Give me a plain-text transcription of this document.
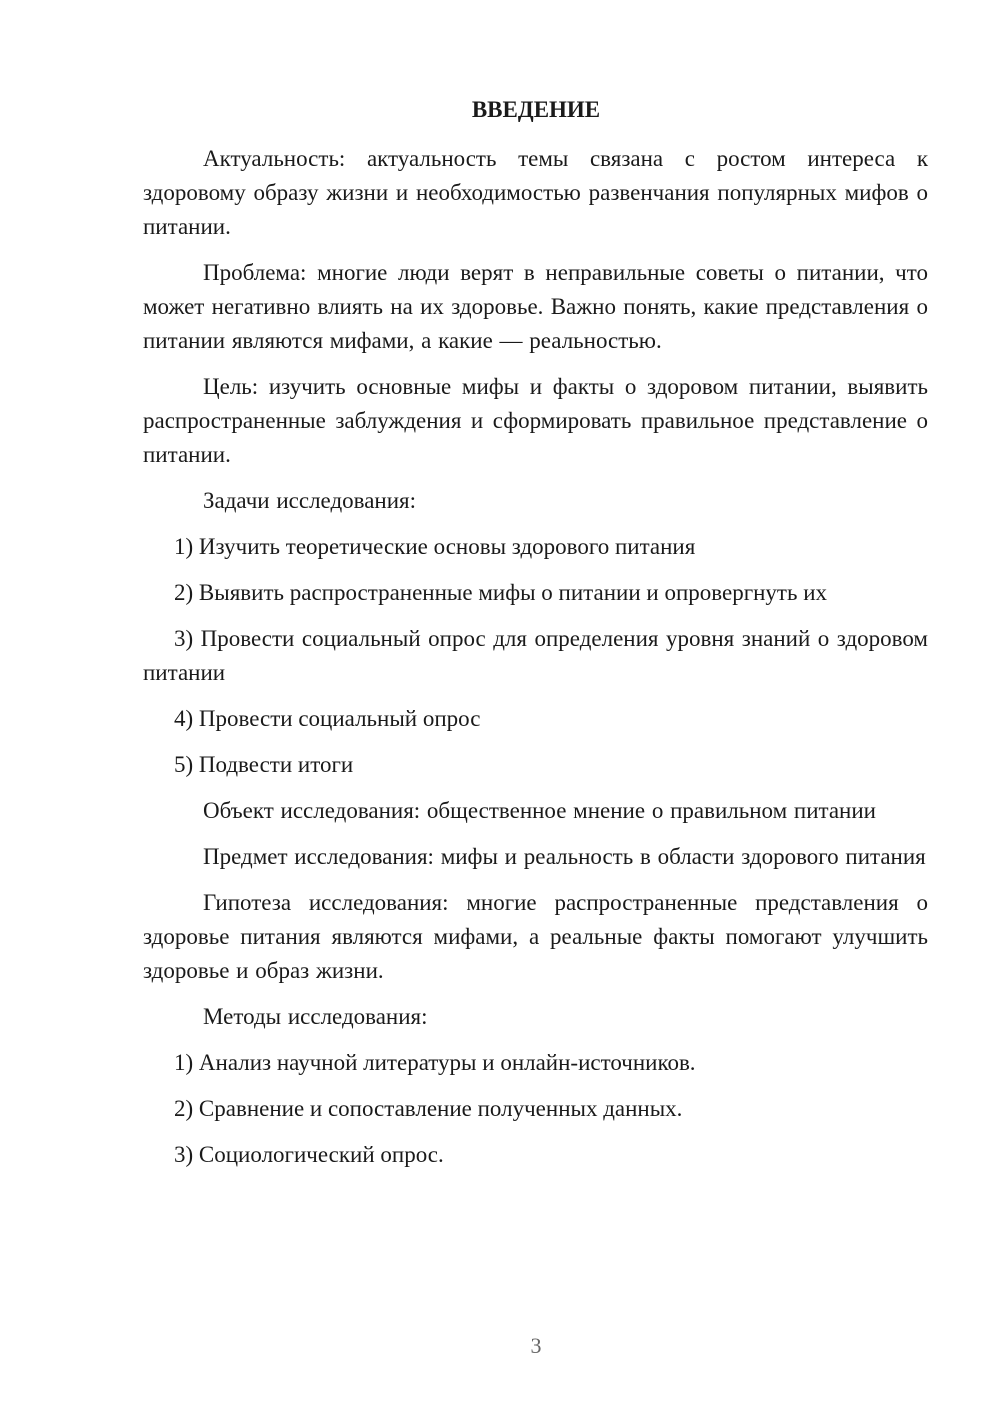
ВВЕДЕНИЕ

Актуальность: актуальность темы связана с ростом интереса к здоровому образу жизни и необходимостью развенчания популярных мифов о питании.

Проблема: многие люди верят в неправильные советы о питании, что может негативно влиять на их здоровье. Важно понять, какие представления о питании являются мифами, а какие — реальностью.

Цель: изучить основные мифы и факты о здоровом питании, выявить распространенные заблуждения и сформировать правильное представление о питании.

Задачи исследования:

1) Изучить теоретические основы здорового питания

2) Выявить распространенные мифы о питании и опровергнуть их

3) Провести социальный опрос для определения уровня знаний о здоровом питании

4) Провести социальный опрос

5) Подвести итоги

Объект исследования: общественное мнение о правильном питании

Предмет исследования: мифы и реальность в области здорового питания

Гипотеза исследования: многие распространенные представления о здоровье питания являются мифами, а реальные факты помогают улучшить здоровье и образ жизни.

Методы исследования:

1) Анализ научной литературы и онлайн-источников.

2) Сравнение и сопоставление полученных данных.

3) Социологический опрос.

3
